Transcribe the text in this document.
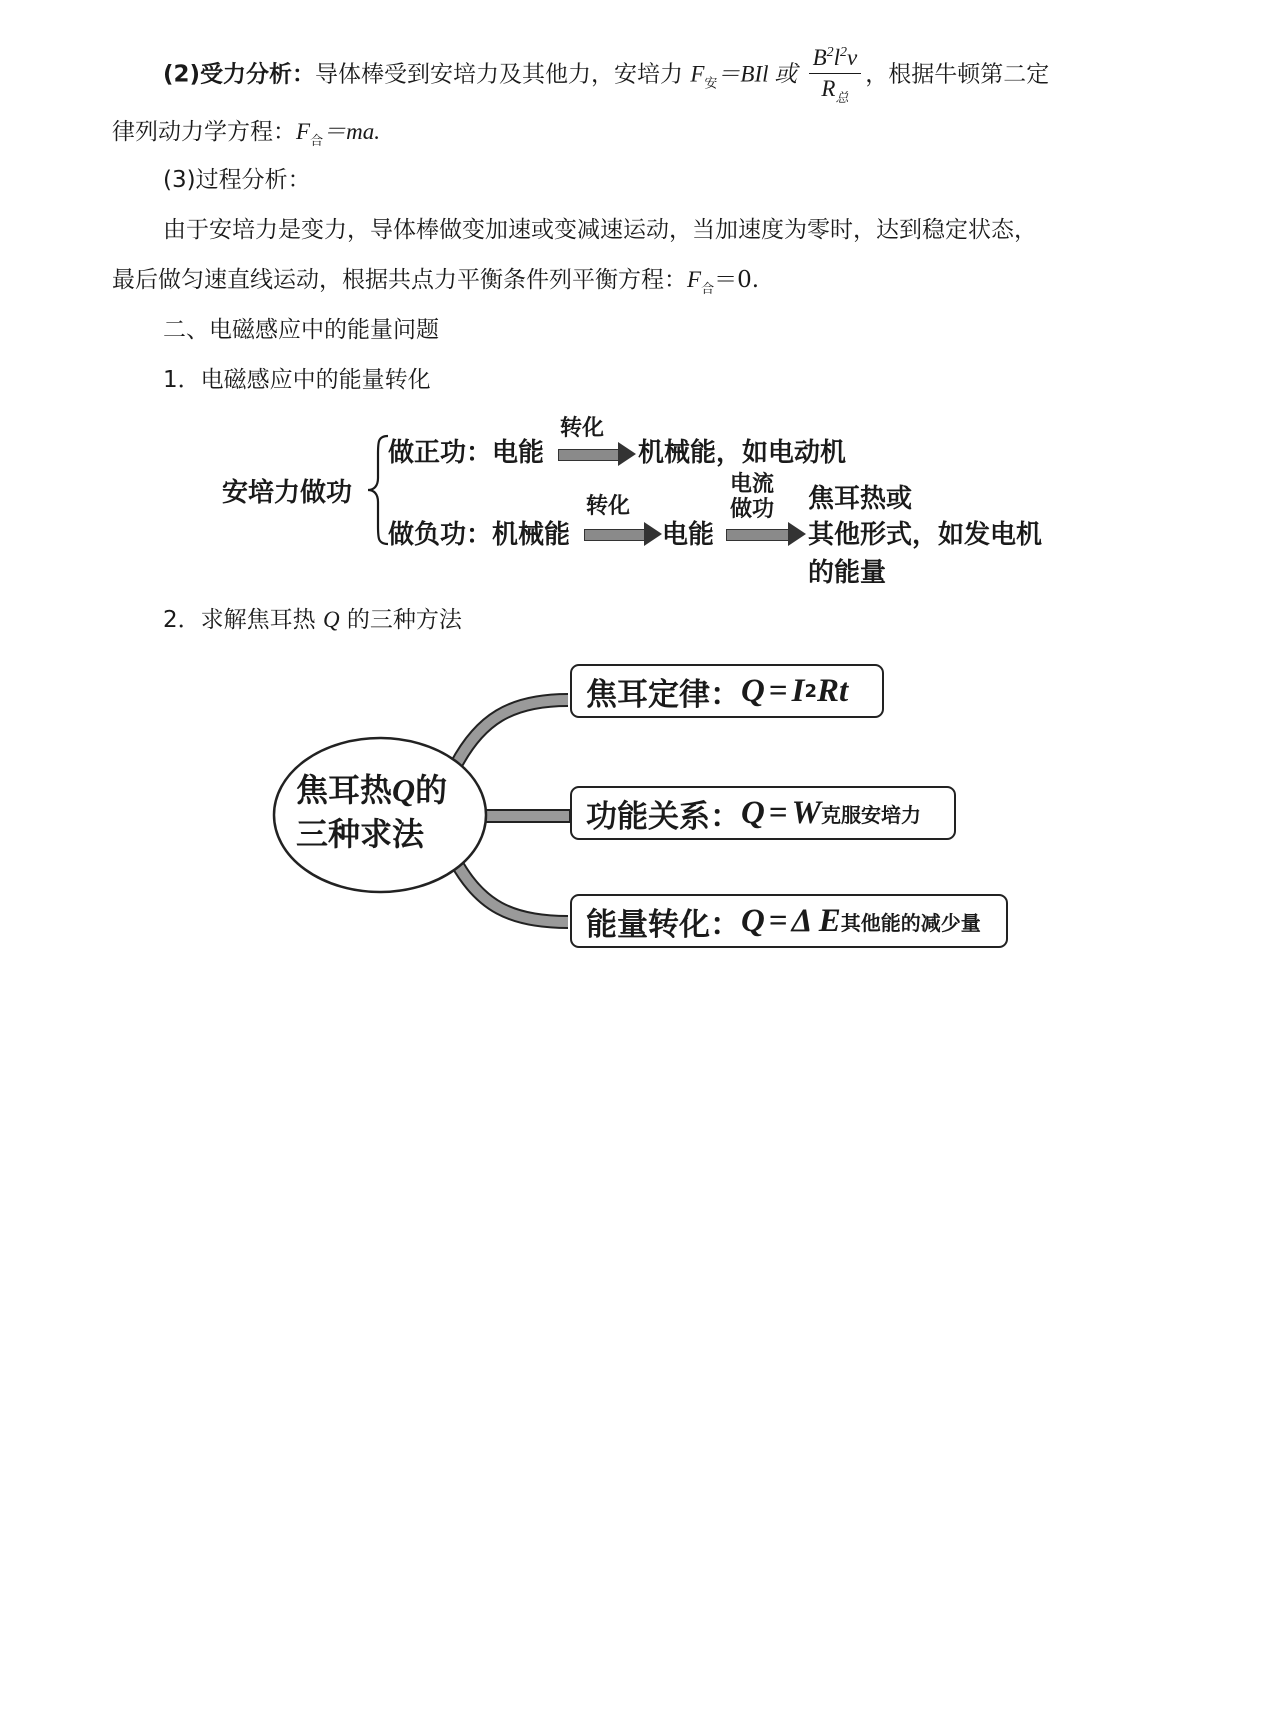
(2)受力分析：导体棒受到安培力及其他力，安培力 $F_安=BIl$ 或 $\frac{B^2l^2v}{R_总}$ ，根据牛顿第二定
律列动力学方程：$F_合=ma$.
(3)过程分析：
由于安培力是变力，导体棒做变加速或变减速运动，当加速度为零时，达到稳定状态，
最后做匀速直线运动，根据共点力平衡条件列平衡方程：$F_合=0$.
二、电磁感应中的能量问题
1．电磁感应中的能量转化
安培力做功
做正功：电能
转化
机械能，如电动机
做负功：机械能
转化
电能
电流
做功 焦耳热或
其他形式，如发电机
的能量
2．求解焦耳热 Q 的三种方法
焦耳热Q的
三种求法
焦耳定律： Q = I 2 Rt
功能关系： Q = W 克服安培力
能量转化： Q = Δ E 其他能的减少量
